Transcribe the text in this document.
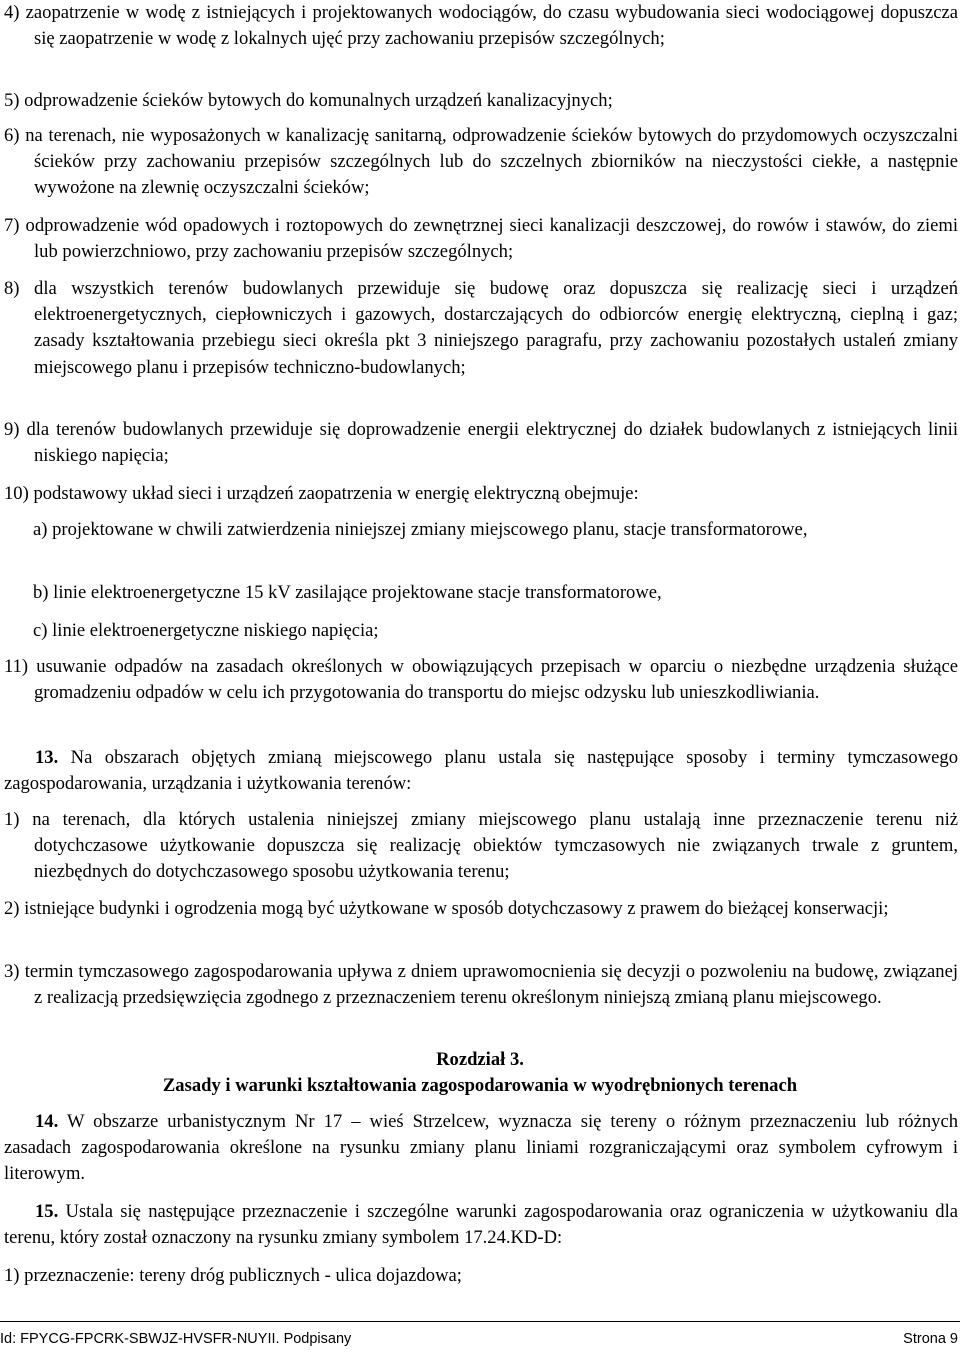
4) zaopatrzenie w wodę z istniejących i projektowanych wodociągów, do czasu wybudowania sieci wodociągowej dopuszcza się zaopatrzenie w wodę z lokalnych ujęć przy zachowaniu przepisów szczególnych;
5) odprowadzenie ścieków bytowych do komunalnych urządzeń kanalizacyjnych;
6) na terenach, nie wyposażonych w kanalizację sanitarną, odprowadzenie ścieków bytowych do przydomowych oczyszczalni ścieków przy zachowaniu przepisów szczególnych lub do szczelnych zbiorników na nieczystości ciekłe, a następnie wywożone na zlewnię oczyszczalni ścieków;
7) odprowadzenie wód opadowych i roztopowych do zewnętrznej sieci kanalizacji deszczowej, do rowów i stawów, do ziemi lub powierzchniowo, przy zachowaniu przepisów szczególnych;
8) dla wszystkich terenów budowlanych przewiduje się budowę oraz dopuszcza się realizację sieci i urządzeń elektroenergetycznych, ciepłowniczych i gazowych, dostarczających do odbiorców energię elektryczną, cieplną i gaz; zasady kształtowania przebiegu sieci określa pkt 3 niniejszego paragrafu, przy zachowaniu pozostałych ustaleń zmiany miejscowego planu i przepisów techniczno-budowlanych;
9) dla terenów budowlanych przewiduje się doprowadzenie energii elektrycznej do działek budowlanych z istniejących linii niskiego napięcia;
10) podstawowy układ sieci i urządzeń zaopatrzenia w energię elektryczną obejmuje:
a) projektowane w chwili zatwierdzenia niniejszej zmiany miejscowego planu, stacje transformatorowe,
b) linie elektroenergetyczne 15 kV zasilające projektowane stacje transformatorowe,
c) linie elektroenergetyczne niskiego napięcia;
11) usuwanie odpadów na zasadach określonych w obowiązujących przepisach w oparciu o niezbędne urządzenia służące gromadzeniu odpadów w celu ich przygotowania do transportu do miejsc odzysku lub unieszkodliwiania.

13. Na obszarach objętych zmianą miejscowego planu ustala się następujące sposoby i terminy tymczasowego zagospodarowania, urządzania i użytkowania terenów:

1) na terenach, dla których ustalenia niniejszej zmiany miejscowego planu ustalają inne przeznaczenie terenu niż dotychczasowe użytkowanie dopuszcza się realizację obiektów tymczasowych nie związanych trwale z gruntem, niezbędnych do dotychczasowego sposobu użytkowania terenu;
2) istniejące budynki i ogrodzenia mogą być użytkowane w sposób dotychczasowy z prawem do bieżącej konserwacji;
3) termin tymczasowego zagospodarowania upływa z dniem uprawomocnienia się decyzji o pozwoleniu na budowę, związanej z realizacją przedsięwzięcia zgodnego z przeznaczeniem terenu określonym niniejszą zmianą planu miejscowego.
Rozdział 3.
Zasady i warunki kształtowania zagospodarowania w wyodrębnionych terenach

14. W obszarze urbanistycznym Nr 17 – wieś Strzelcew, wyznacza się tereny o różnym przeznaczeniu lub różnych zasadach zagospodarowania określone na rysunku zmiany planu liniami rozgraniczającymi oraz symbolem cyfrowym i literowym.

15. Ustala się następujące przeznaczenie i szczególne warunki zagospodarowania oraz ograniczenia w użytkowaniu dla terenu, który został oznaczony na rysunku zmiany symbolem 17.24.KD-D:

1) przeznaczenie: tereny dróg publicznych - ulica dojazdowa;
Id: FPYCG-FPCRK-SBWJZ-HVSFR-NUYII. Podpisany	Strona 9
